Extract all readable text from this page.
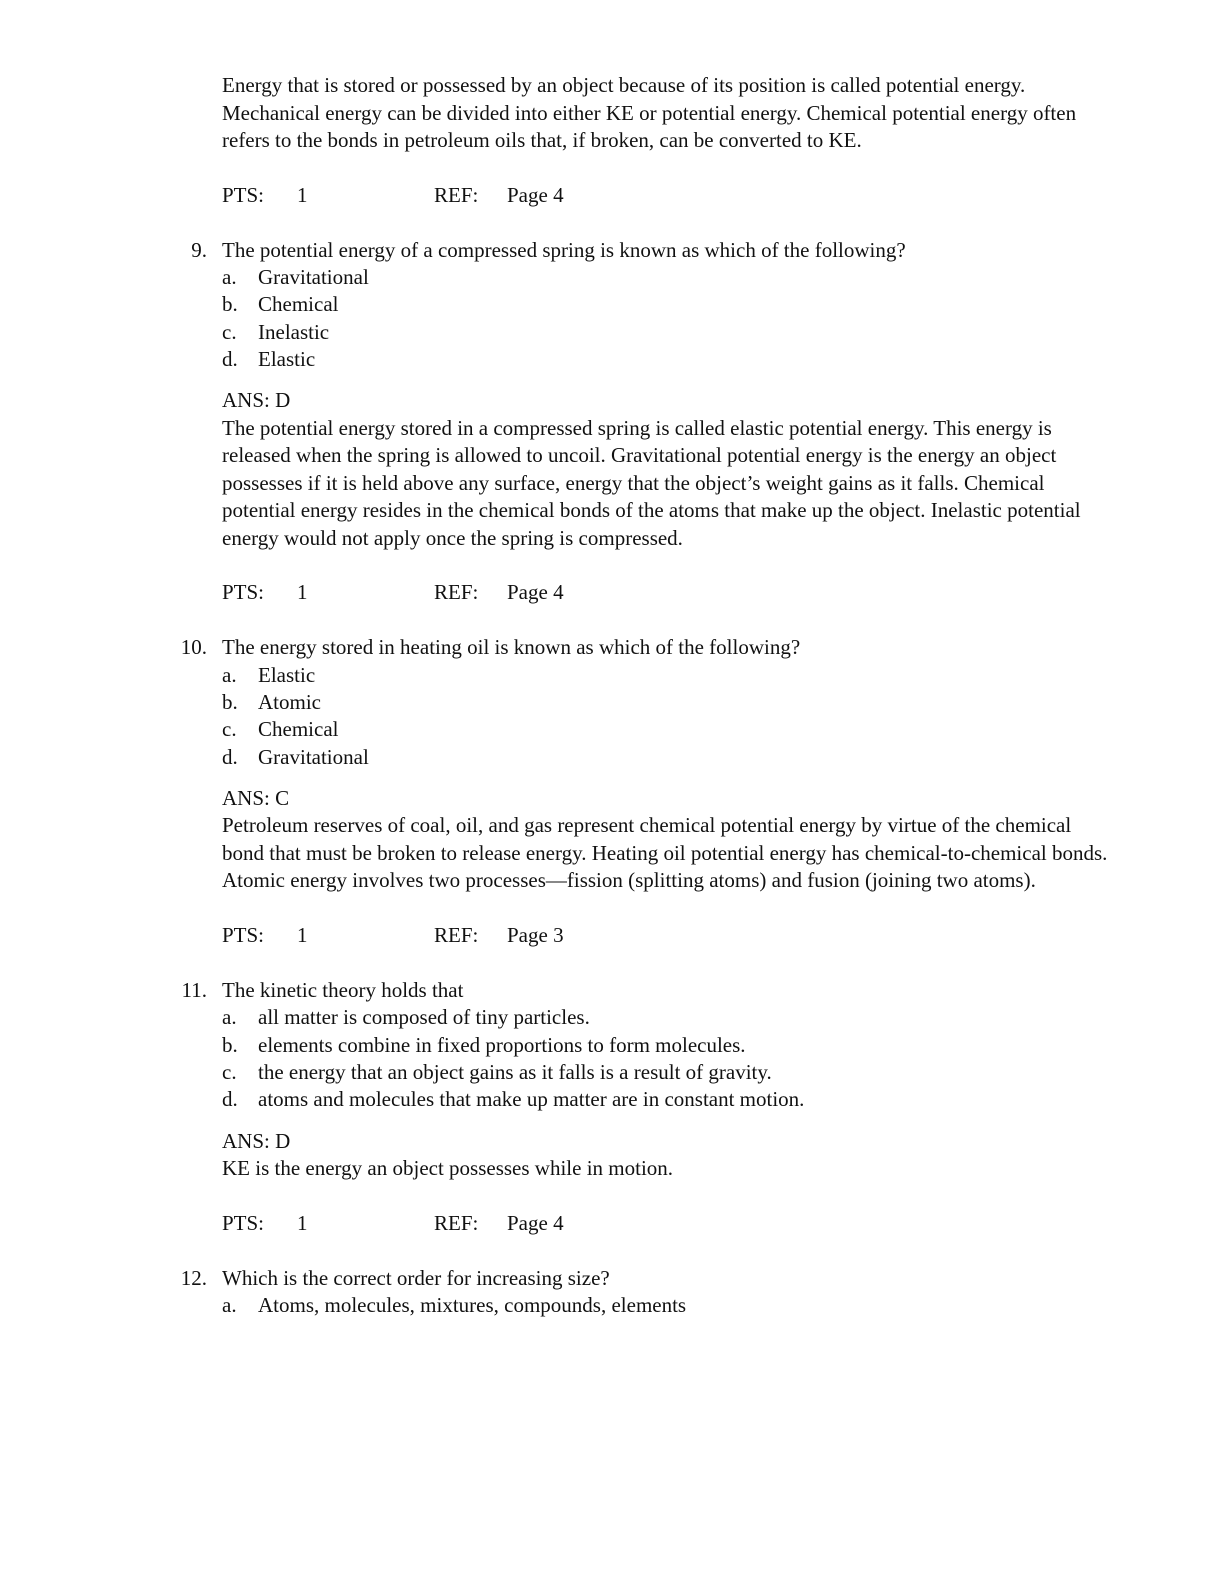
Energy that is stored or possessed by an object because of its position is called potential energy. Mechanical energy can be divided into either KE or potential energy. Chemical potential energy often refers to the bonds in petroleum oils that, if broken, can be converted to KE.
PTS: 1	REF: Page 4
9. The potential energy of a compressed spring is known as which of the following?
a. Gravitational
b. Chemical
c. Inelastic
d. Elastic
ANS: D
The potential energy stored in a compressed spring is called elastic potential energy. This energy is released when the spring is allowed to uncoil. Gravitational potential energy is the energy an object possesses if it is held above any surface, energy that the object’s weight gains as it falls. Chemical potential energy resides in the chemical bonds of the atoms that make up the object. Inelastic potential energy would not apply once the spring is compressed.
PTS: 1	REF: Page 4
10. The energy stored in heating oil is known as which of the following?
a. Elastic
b. Atomic
c. Chemical
d. Gravitational
ANS: C
Petroleum reserves of coal, oil, and gas represent chemical potential energy by virtue of the chemical bond that must be broken to release energy. Heating oil potential energy has chemical-to-chemical bonds. Atomic energy involves two processes—fission (splitting atoms) and fusion (joining two atoms).
PTS: 1	REF: Page 3
11. The kinetic theory holds that
a. all matter is composed of tiny particles.
b. elements combine in fixed proportions to form molecules.
c. the energy that an object gains as it falls is a result of gravity.
d. atoms and molecules that make up matter are in constant motion.
ANS: D
KE is the energy an object possesses while in motion.
PTS: 1	REF: Page 4
12. Which is the correct order for increasing size?
a. Atoms, molecules, mixtures, compounds, elements
